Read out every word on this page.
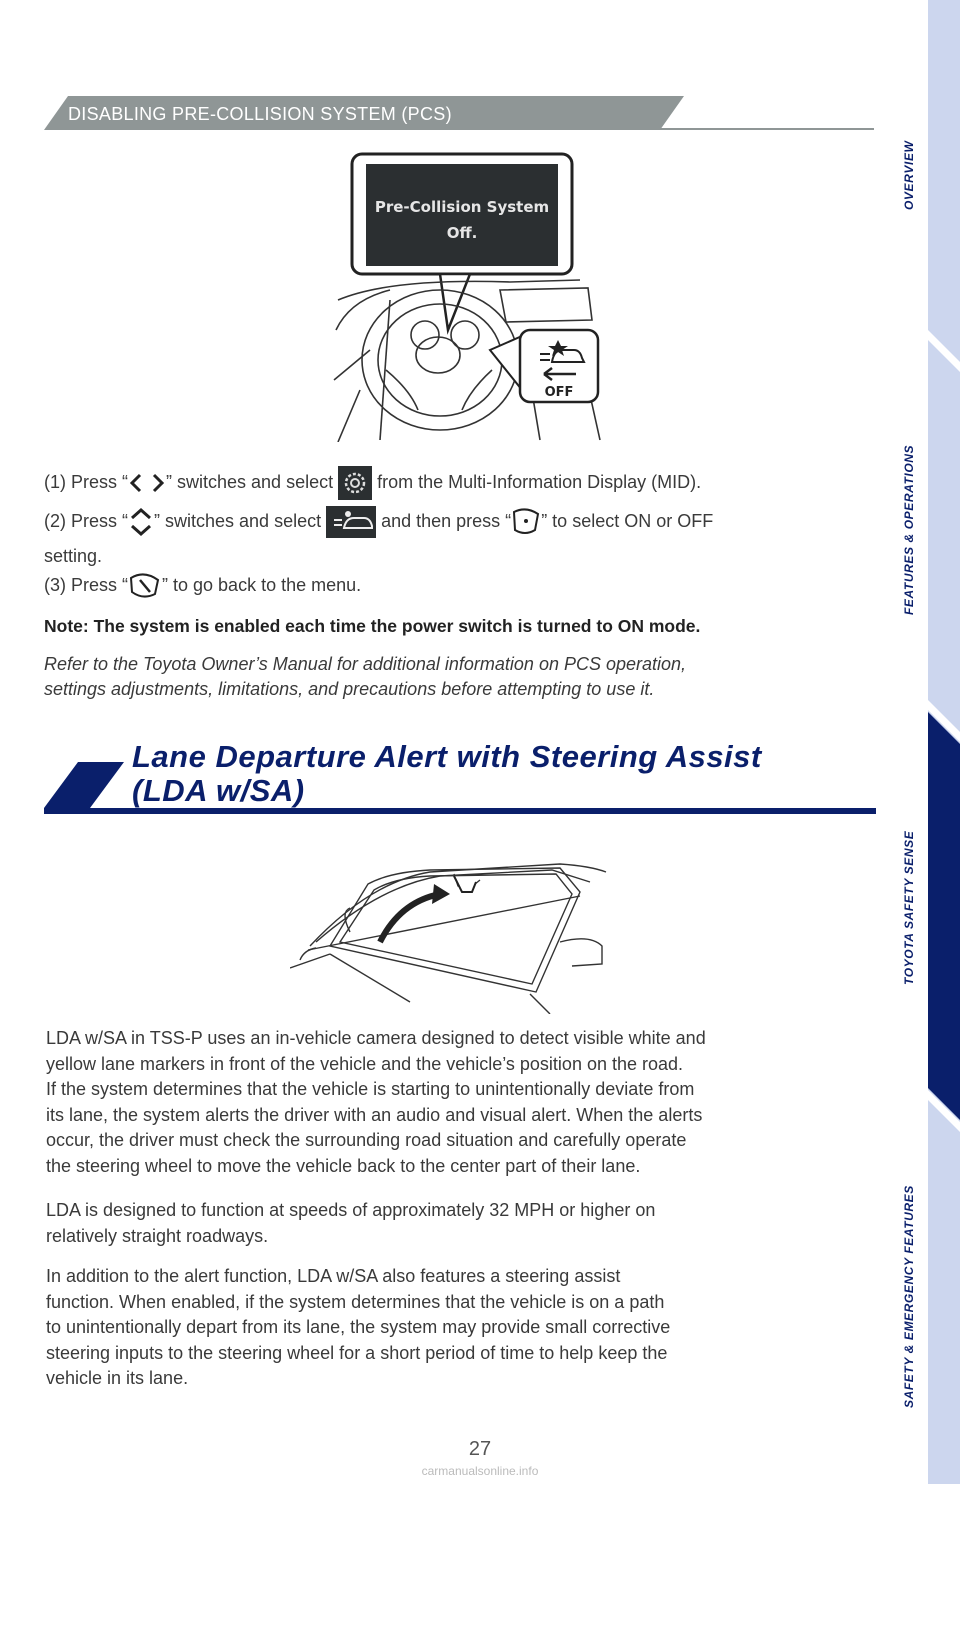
DISABLING PRE-COLLISION SYSTEM (PCS)
Pre-Collision System
Off.
OFF
(1) Press “ ” switches and select  from the Multi-Information Display (MID).
(2) Press “ ” switches and select	and then press “ ” to select ON or OFF
setting.
(3) Press “ ” to go back to the menu.
Note: The system is enabled each time the power switch is turned to ON mode.
Refer to the Toyota Owner’s Manual for additional information on PCS operation,
settings adjustments, limitations, and precautions before attempting to use it.
Lane Departure Alert with Steering Assist
(LDA w/SA)
LDA w/SA in TSS-P uses an in-vehicle camera designed to detect visible white and
yellow lane markers in front of the vehicle and the vehicle’s position on the road.
If the system determines that the vehicle is starting to unintentionally deviate from
its lane, the system alerts the driver with an audio and visual alert. When the alerts
occur, the driver must check the surrounding road situation and carefully operate
the steering wheel to move the vehicle back to the center part of their lane.
LDA is designed to function at speeds of approximately 32 MPH or higher on
relatively straight roadways.
In addition to the alert function, LDA w/SA also features a steering assist
function. When enabled, if the system determines that the vehicle is on a path
to unintentionally depart from its lane, the system may provide small corrective
steering inputs to the steering wheel for a short period of time to help keep the
vehicle in its lane.
OVERVIEW
FEATURES & OPERATIONS
TOYOTA SAFETY SENSE
SAFETY & EMERGENCY FEATURES
27
carmanualsonline.info
